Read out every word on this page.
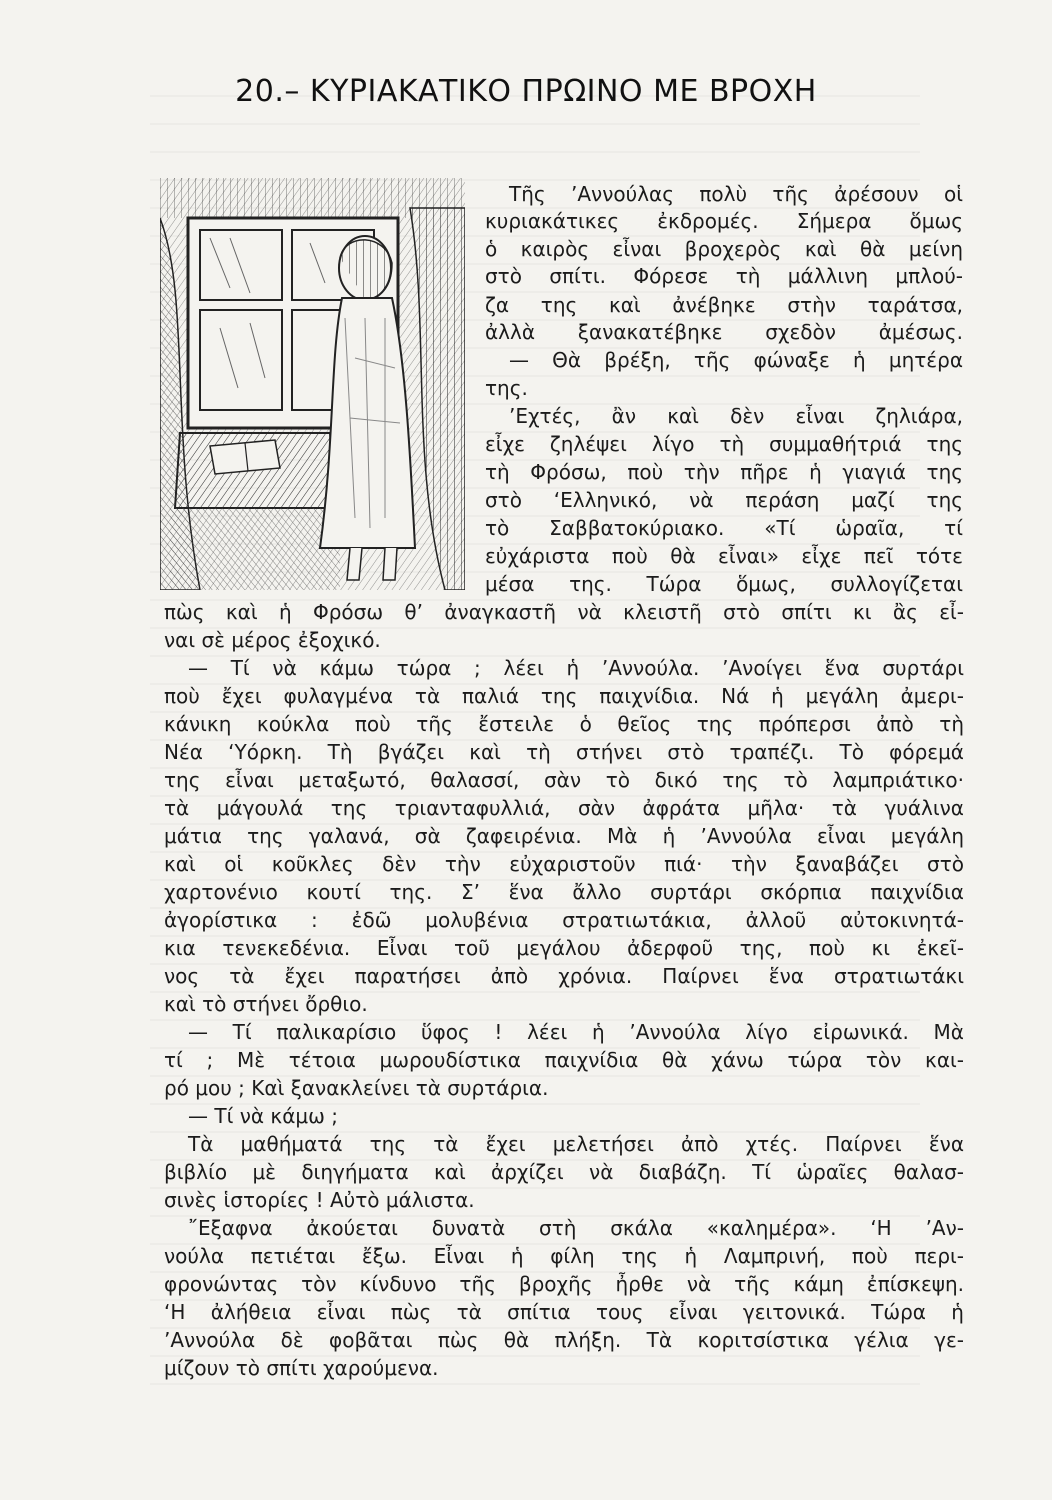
20.– ΚΥΡΙΑΚΑΤΙΚΟ ΠΡΩΙΝΟ ΜΕ ΒΡΟΧΗ
Τῆς ’Αννούλας πολὺ τῆς ἀρέσουν οἱ
κυριακάτικες ἐκδρομές. Σήμερα ὅμως
ὁ καιρὸς εἶναι βροχερὸς καὶ θὰ μείνη
στὸ σπίτι. Φόρεσε τὴ μάλλινη μπλού-
ζα της καὶ ἀνέβηκε στὴν ταράτσα,
ἀλλὰ ξανακατέβηκε σχεδὸν ἀμέσως.
— Θὰ βρέξη, τῆς φώναξε ἡ μητέρα
της.
’Εχτές, ἂν καὶ δὲν εἶναι ζηλιάρα,
εἶχε ζηλέψει λίγο τὴ συμμαθήτριά της
τὴ Φρόσω, ποὺ τὴν πῆρε ἡ γιαγιά της
στὸ ‘Ελληνικό, νὰ περάση μαζί της
τὸ Σαββατοκύριακο. «Τί ὡραῖα, τί
εὐχάριστα ποὺ θὰ εἶναι» εἶχε πεῖ τότε
μέσα της. Τώρα ὅμως, συλλογίζεται
πὼς καὶ ἡ Φρόσω θ’ ἀναγκαστῆ νὰ κλειστῆ στὸ σπίτι κι ἂς εἶ-
ναι σὲ μέρος ἐξοχικό.
— Τί νὰ κάμω τώρα ; λέει ἡ ’Αννούλα. ’Ανοίγει ἕνα συρτάρι
ποὺ ἔχει φυλαγμένα τὰ παλιά της παιχνίδια. Νά ἡ μεγάλη ἀμερι-
κάνικη κούκλα ποὺ τῆς ἔστειλε ὁ θεῖος της πρόπερσι ἀπὸ τὴ
Νέα ‘Υόρκη. Τὴ βγάζει καὶ τὴ στήνει στὸ τραπέζι. Τὸ φόρεμά
της εἶναι μεταξωτό, θαλασσί, σὰν τὸ δικό της τὸ λαμπριάτικο·
τὰ μάγουλά της τριανταφυλλιά, σὰν ἀφράτα μῆλα· τὰ γυάλινα
μάτια της γαλανά, σὰ ζαφειρένια. Μὰ ἡ ’Αννούλα εἶναι μεγάλη
καὶ οἱ κοῦκλες δὲν τὴν εὐχαριστοῦν πιά· τὴν ξαναβάζει στὸ
χαρτονένιο κουτί της. Σ’ ἕνα ἄλλο συρτάρι σκόρπια παιχνίδια
ἀγορίστικα : ἐδῶ μολυβένια στρατιωτάκια, ἀλλοῦ αὐτοκινητά-
κια τενεκεδένια. Εἶναι τοῦ μεγάλου ἀδερφοῦ της, ποὺ κι ἐκεῖ-
νος τὰ ἔχει παρατήσει ἀπὸ χρόνια. Παίρνει ἕνα στρατιωτάκι
καὶ τὸ στήνει ὄρθιο.
— Τί παλικαρίσιο ὕφος ! λέει ἡ ’Αννούλα λίγο εἰρωνικά. Μὰ
τί ; Μὲ τέτοια μωρουδίστικα παιχνίδια θὰ χάνω τώρα τὸν και-
ρό μου ; Καὶ ξανακλείνει τὰ συρτάρια.
— Τί νὰ κάμω ;
Τὰ μαθήματά της τὰ ἔχει μελετήσει ἀπὸ χτές. Παίρνει ἕνα
βιβλίο μὲ διηγήματα καὶ ἀρχίζει νὰ διαβάζη. Τί ὡραῖες θαλασ-
σινὲς ἱστορίες ! Αὐτὸ μάλιστα.
῎Εξαφνα ἀκούεται δυνατὰ στὴ σκάλα «καλημέρα». ‘Η ’Αν-
νούλα πετιέται ἔξω. Εἶναι ἡ φίλη της ἡ Λαμπρινή, ποὺ περι-
φρονώντας τὸν κίνδυνο τῆς βροχῆς ἦρθε νὰ τῆς κάμη ἐπίσκεψη.
‘Η ἀλήθεια εἶναι πὼς τὰ σπίτια τους εἶναι γειτονικά. Τώρα ἡ
’Αννούλα δὲ φοβᾶται πὼς θὰ πλήξη. Τὰ κοριτσίστικα γέλια γε-
μίζουν τὸ σπίτι χαρούμενα.
